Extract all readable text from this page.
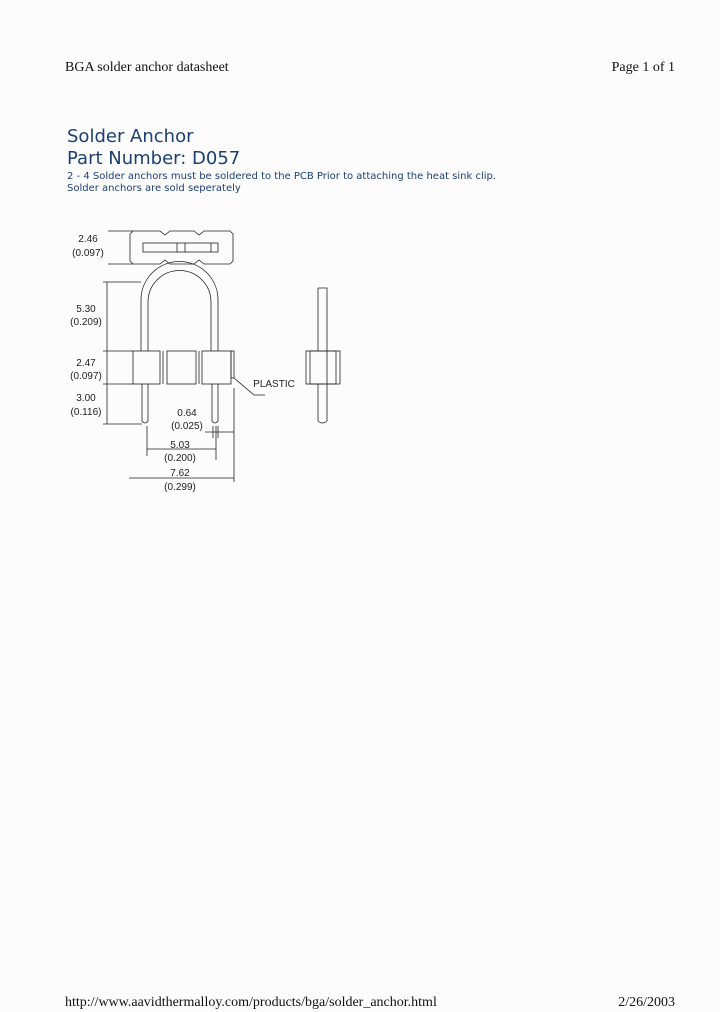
BGA solder anchor datasheet	Page 1 of 1
Solder Anchor
Part Number: D057
2 - 4 Solder anchors must be soldered to the PCB Prior to attaching the heat sink clip.
Solder anchors are sold seperately
2.46
(0.097)
5.30
(0.209)
2.47
(0.097)
3.00
(0.116)	0.64
(0.025)
5.03
(0.200)
7.62
(0.299)
PLASTIC
http://www.aavidthermalloy.com/products/bga/solder_anchor.html	2/26/2003
